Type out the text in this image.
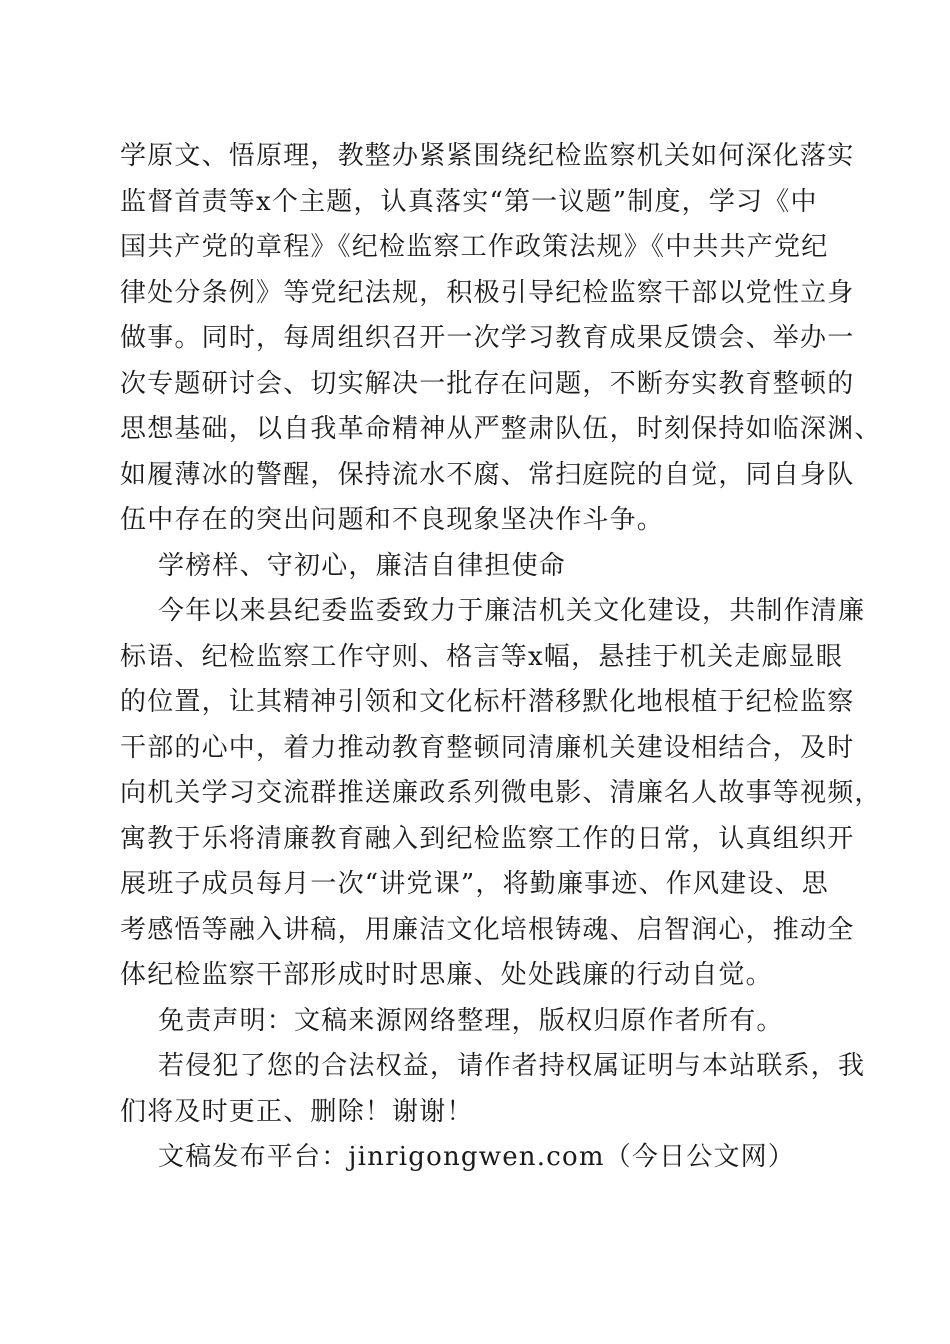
学原文、悟原理，教整办紧紧围绕纪检监察机关如何深化落实
监督首责等x个主题，认真落实“第一议题”制度，学习《中
国共产党的章程》《纪检监察工作政策法规》《中共共产党纪
律处分条例》等党纪法规，积极引导纪检监察干部以党性立身
做事。同时，每周组织召开一次学习教育成果反馈会、举办一
次专题研讨会、切实解决一批存在问题，不断夯实教育整顿的
思想基础，以自我革命精神从严整肃队伍，时刻保持如临深渊、
如履薄冰的警醒，保持流水不腐、常扫庭院的自觉，同自身队
伍中存在的突出问题和不良现象坚决作斗争。
学榜样、守初心，廉洁自律担使命
今年以来县纪委监委致力于廉洁机关文化建设，共制作清廉
标语、纪检监察工作守则、格言等x幅，悬挂于机关走廊显眼
的位置，让其精神引领和文化标杆潜移默化地根植于纪检监察
干部的心中，着力推动教育整顿同清廉机关建设相结合，及时
向机关学习交流群推送廉政系列微电影、清廉名人故事等视频，
寓教于乐将清廉教育融入到纪检监察工作的日常，认真组织开
展班子成员每月一次“讲党课”，将勤廉事迹、作风建设、思
考感悟等融入讲稿，用廉洁文化培根铸魂、启智润心，推动全
体纪检监察干部形成时时思廉、处处践廉的行动自觉。
免责声明：文稿来源网络整理，版权归原作者所有。
若侵犯了您的合法权益，请作者持权属证明与本站联系，我
们将及时更正、删除！谢谢！
文稿发布平台：jinrigongwen.com（今日公文网）
